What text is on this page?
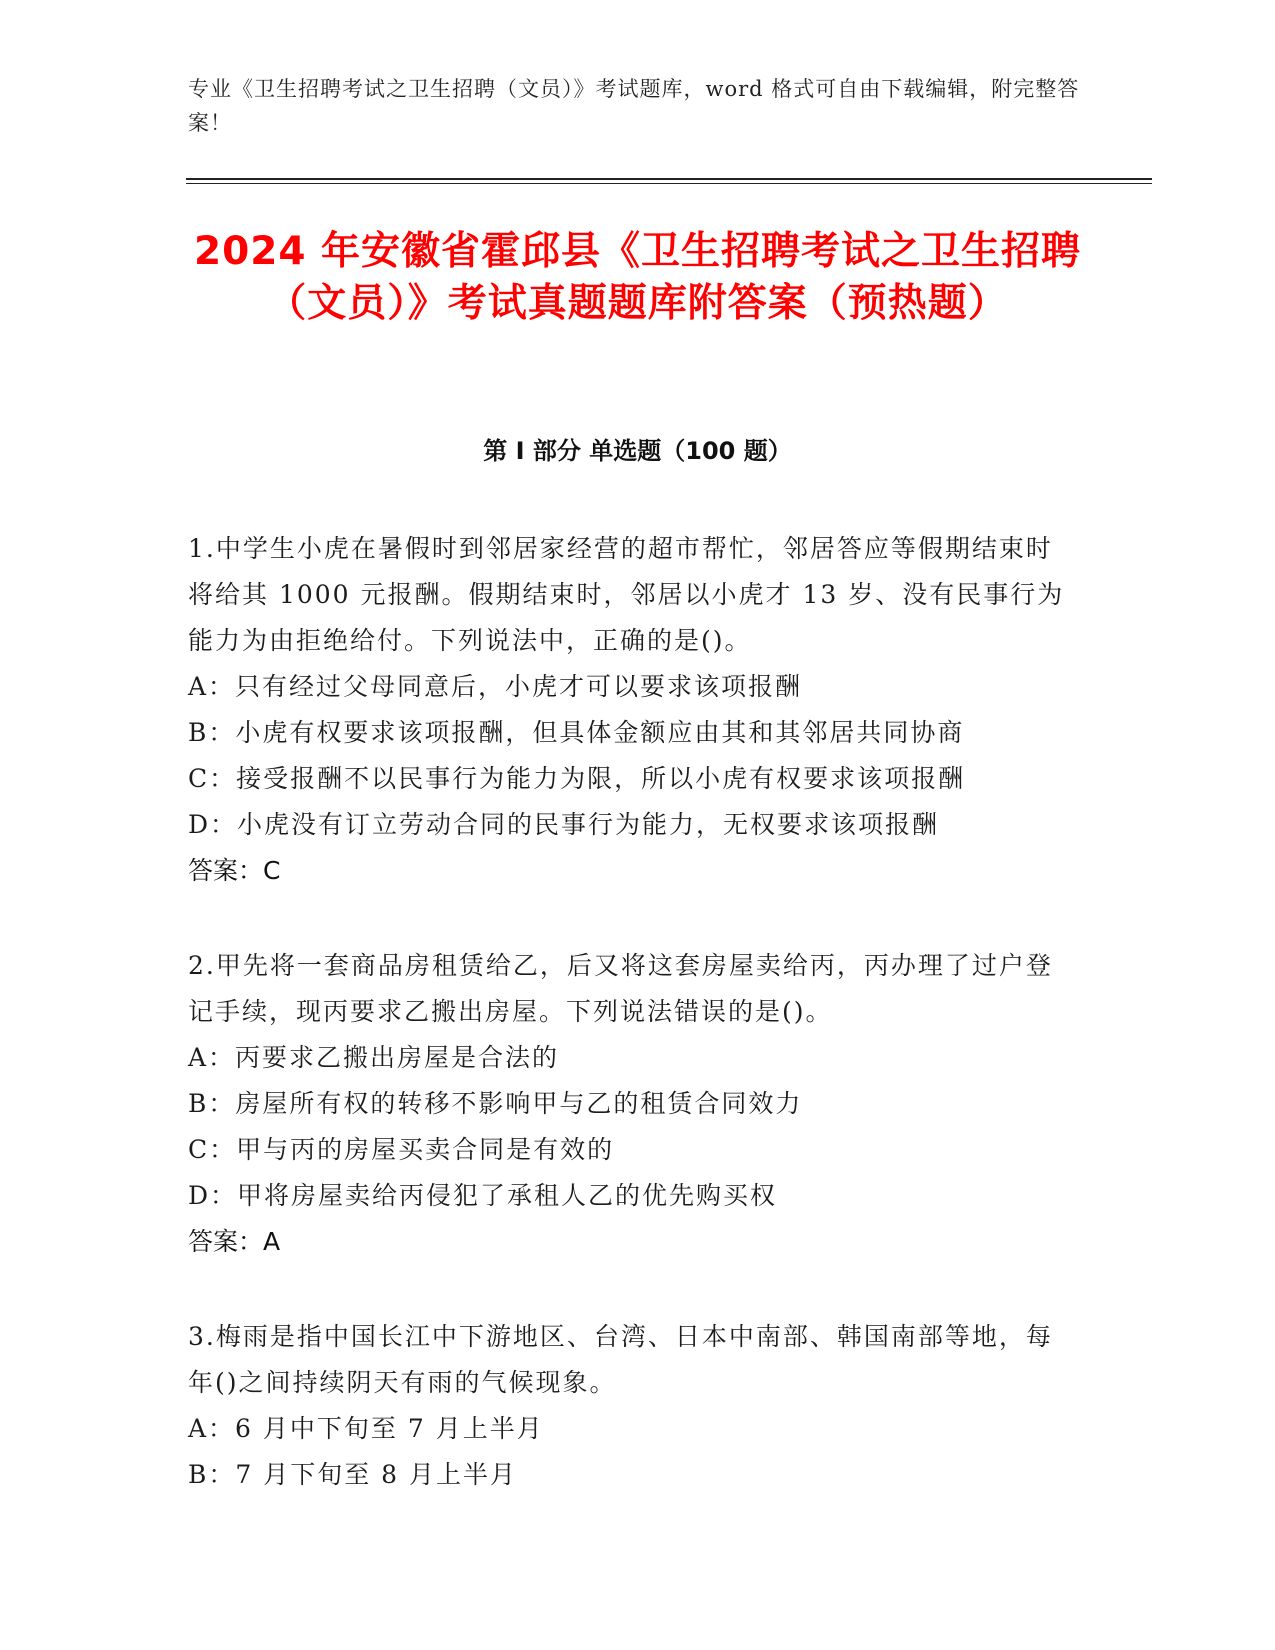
专业《卫生招聘考试之卫生招聘（文员）》考试题库，word 格式可自由下载编辑，附完整答案！
2024 年安徽省霍邱县《卫生招聘考试之卫生招聘（文员）》考试真题题库附答案（预热题）
第 I 部分 单选题（100 题）

1.中学生小虎在暑假时到邻居家经营的超市帮忙，邻居答应等假期结束时将给其 1000 元报酬。假期结束时，邻居以小虎才 13 岁、没有民事行为能力为由拒绝给付。下列说法中，正确的是()。

A：只有经过父母同意后，小虎才可以要求该项报酬

B：小虎有权要求该项报酬，但具体金额应由其和其邻居共同协商

C：接受报酬不以民事行为能力为限，所以小虎有权要求该项报酬

D：小虎没有订立劳动合同的民事行为能力，无权要求该项报酬

答案：C

2.甲先将一套商品房租赁给乙，后又将这套房屋卖给丙，丙办理了过户登记手续，现丙要求乙搬出房屋。下列说法错误的是()。

A：丙要求乙搬出房屋是合法的

B：房屋所有权的转移不影响甲与乙的租赁合同效力

C：甲与丙的房屋买卖合同是有效的

D：甲将房屋卖给丙侵犯了承租人乙的优先购买权

答案：A

3.梅雨是指中国长江中下游地区、台湾、日本中南部、韩国南部等地，每年()之间持续阴天有雨的气候现象。

A：6 月中下旬至 7 月上半月

B：7 月下旬至 8 月上半月
